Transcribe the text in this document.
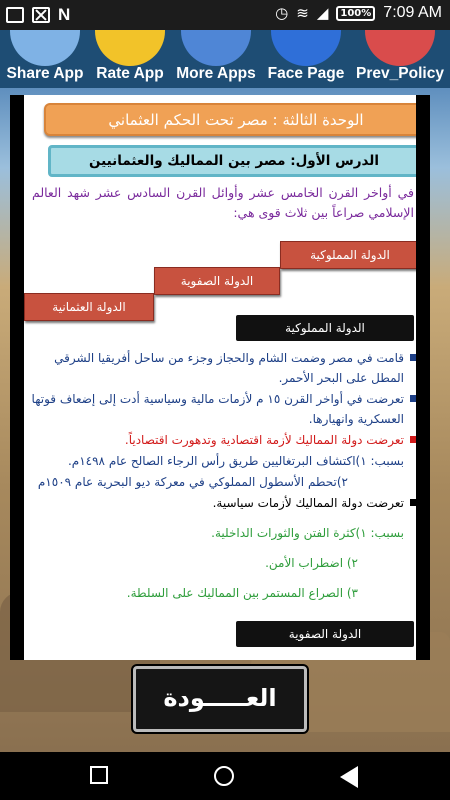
N	◷ ≋ ◢	100% 7:09 AM
Share App Rate App More Apps Face Page Prev_Policy
الوحدة الثالثة : مصر تحت الحكم العثماني
الدرس الأول: مصر بين المماليك والعثمانيين
في أواخر القرن الخامس عشر وأوائل القرن السادس عشر شهد العالم الإسلامي صراعاً بين ثلاث قوى هي:
الدولة المملوكية
الدولة الصفوية
الدولة العثمانية
الدولة المملوكية
قامت في مصر وضمت الشام والحجاز وجزء من ساحل أفريقيا الشرقي المطل على البحر الأحمر.
تعرضت في أواخر القرن ١٥ م لأزمات مالية وسياسية أدت إلى إضعاف قوتها العسكرية وانهيارها.
تعرضت دولة المماليك لأزمة اقتصادية وتدهورت اقتصادياً.
بسبب: ١)اكتشاف البرتغاليين طريق رأس الرجاء الصالح عام ١٤٩٨م.
٢)تحطم الأسطول المملوكي في معركة ديو البحرية عام ١٥٠٩م
تعرضت دولة المماليك لأزمات سياسية.
بسبب: ١)كثرة الفتن والثورات الداخلية.
٢) اضطراب الأمن.
٣) الصراع المستمر بين المماليك على السلطة.
الدولة الصفوية
العـــــودة
